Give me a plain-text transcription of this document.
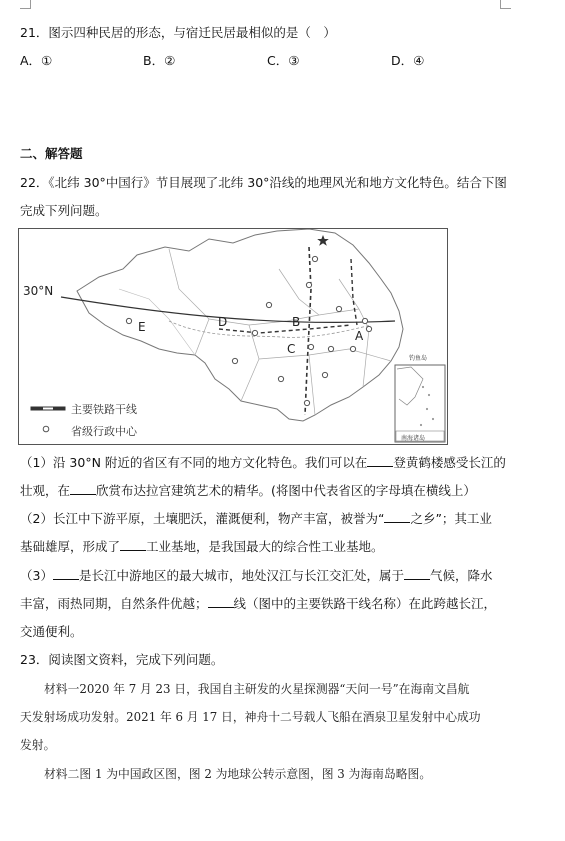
21．图示四种民居的形态，与宿迁民居最相似的是（　）
A．①	B．②	C．③	D．④
二、解答题
22．《北纬 30°中国行》节目展现了北纬 30°沿线的地理风光和地方文化特色。结合下图
完成下列问题。
30°N
A
B
C
D
E
钓鱼岛
南海诸岛
主要铁路干线
省级行政中心
（1）沿 30°N 附近的省区有不同的地方文化特色。我们可以在 登黄鹤楼感受长江的
壮观，在 欣赏布达拉宫建筑艺术的精华。(将图中代表省区的字母填在横线上）
（2）长江中下游平原，土壤肥沃，灌溉便利，物产丰富，被誉为“ 之乡”；其工业
基础雄厚，形成了 工业基地，是我国最大的综合性工业基地。
（3） 是长江中游地区的最大城市，地处汉江与长江交汇处，属于 气候，降水
丰富，雨热同期，自然条件优越； 线（图中的主要铁路干线名称）在此跨越长江，
交通便利。
23．阅读图文资料，完成下列问题。
材料一2020 年 7 月 23 日，我国自主研发的火星探测器“天问一号”在海南文昌航
天发射场成功发射。2021 年 6 月 17 日，神舟十二号载人飞船在酒泉卫星发射中心成功
发射。
材料二图 1 为中国政区图，图 2 为地球公转示意图，图 3 为海南岛略图。
